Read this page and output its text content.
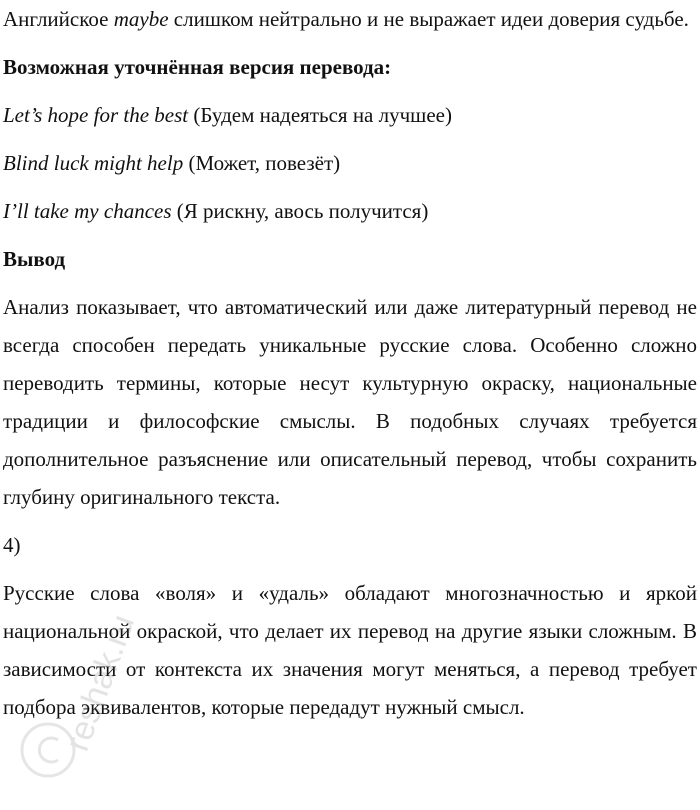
Английское maybe слишком нейтрально и не выражает идеи доверия судьбе.

Возможная уточнённая версия перевода:

Let’s hope for the best (Будем надеяться на лучшее)

Blind luck might help (Может, повезёт)

I’ll take my chances (Я рискну, авось получится)

Вывод

Анализ показывает, что автоматический или даже литературный перевод не всегда способен передать уникальные русские слова. Особенно сложно переводить термины, которые несут культурную окраску, национальные традиции и философские смыслы. В подобных случаях требуется дополнительное разъяснение или описательный перевод, чтобы сохранить глубину оригинального текста.

4)

Русские слова «воля» и «удаль» обладают многозначностью и яркой национальной окраской, что делает их перевод на другие языки сложным. В зависимости от контекста их значения могут меняться, а перевод требует подбора эквивалентов, которые передадут нужный смысл.

reshak.ru
